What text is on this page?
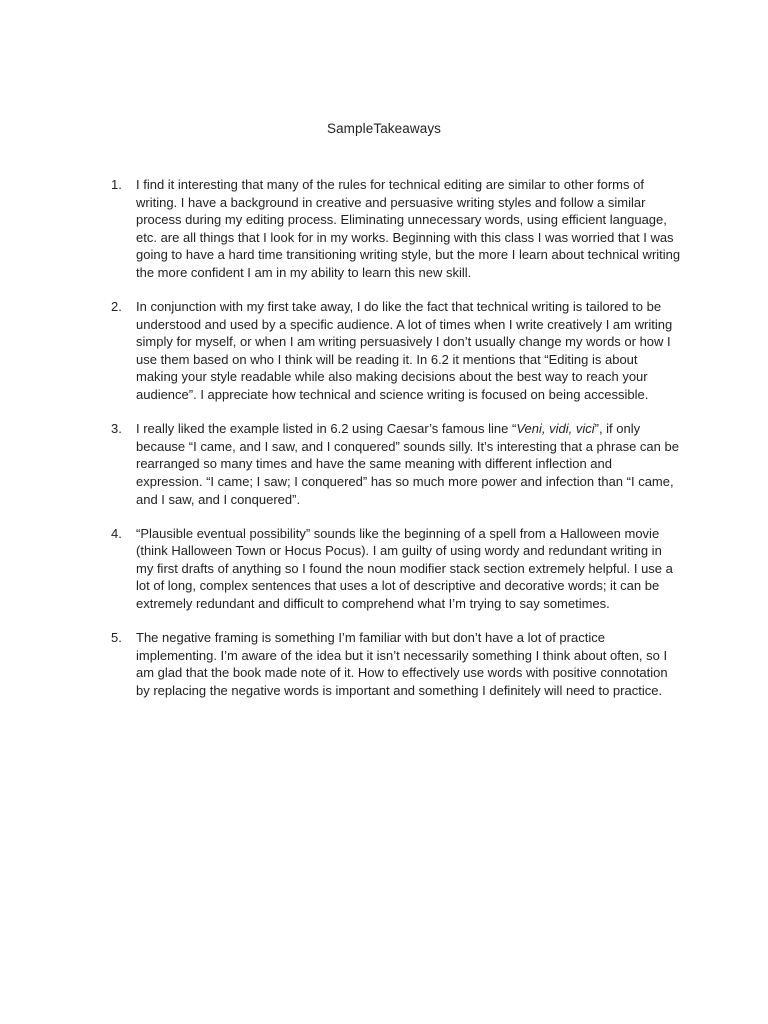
SampleTakeaways
1. I find it interesting that many of the rules for technical editing are similar to other forms of writing. I have a background in creative and persuasive writing styles and follow a similar process during my editing process. Eliminating unnecessary words, using efficient language, etc. are all things that I look for in my works. Beginning with this class I was worried that I was going to have a hard time transitioning writing style, but the more I learn about technical writing the more confident I am in my ability to learn this new skill.
2. In conjunction with my first take away, I do like the fact that technical writing is tailored to be understood and used by a specific audience. A lot of times when I write creatively I am writing simply for myself, or when I am writing persuasively I don’t usually change my words or how I use them based on who I think will be reading it. In 6.2 it mentions that “Editing is about making your style readable while also making decisions about the best way to reach your audience”. I appreciate how technical and science writing is focused on being accessible.
3. I really liked the example listed in 6.2 using Caesar’s famous line “Veni, vidi, vici”, if only because “I came, and I saw, and I conquered” sounds silly. It’s interesting that a phrase can be rearranged so many times and have the same meaning with different inflection and expression. “I came; I saw; I conquered” has so much more power and infection than “I came, and I saw, and I conquered”.
4. “Plausible eventual possibility” sounds like the beginning of a spell from a Halloween movie (think Halloween Town or Hocus Pocus). I am guilty of using wordy and redundant writing in my first drafts of anything so I found the noun modifier stack section extremely helpful. I use a lot of long, complex sentences that uses a lot of descriptive and decorative words; it can be extremely redundant and difficult to comprehend what I’m trying to say sometimes.
5. The negative framing is something I’m familiar with but don’t have a lot of practice implementing. I’m aware of the idea but it isn’t necessarily something I think about often, so I am glad that the book made note of it. How to effectively use words with positive connotation by replacing the negative words is important and something I definitely will need to practice.
